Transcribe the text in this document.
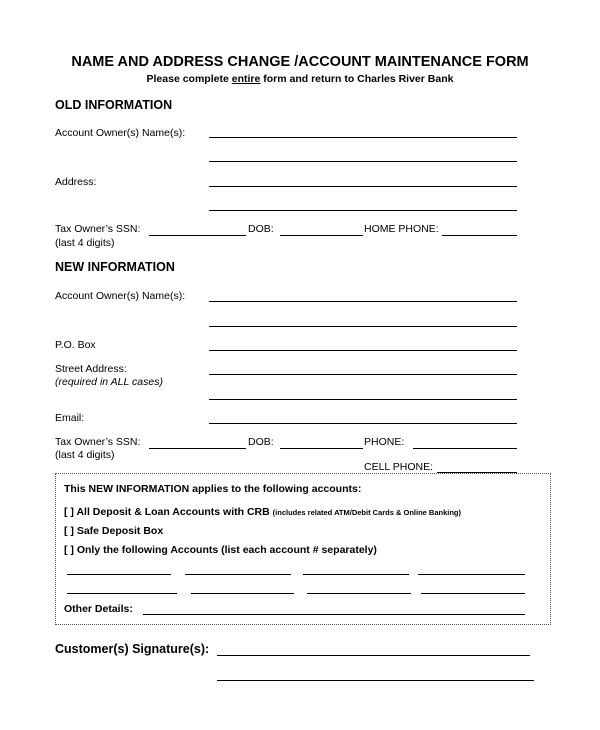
NAME AND ADDRESS CHANGE /ACCOUNT MAINTENANCE FORM
Please complete entire form and return to Charles River Bank
OLD INFORMATION
Account Owner(s) Name(s):
Address:
Tax Owner’s SSN:	DOB:	HOME PHONE:
(last 4 digits)
NEW INFORMATION
Account Owner(s) Name(s):
P.O. Box
Street Address:
(required in ALL cases)
Email:
Tax Owner’s SSN:	DOB:	PHONE:
(last 4 digits)
CELL PHONE:
This NEW INFORMATION applies to the following accounts:
[ ] All Deposit & Loan Accounts with CRB (includes related ATM/Debit Cards & Online Banking)
[ ] Safe Deposit Box
[ ] Only the following Accounts (list each account # separately)
Other Details:
Customer(s) Signature(s):
